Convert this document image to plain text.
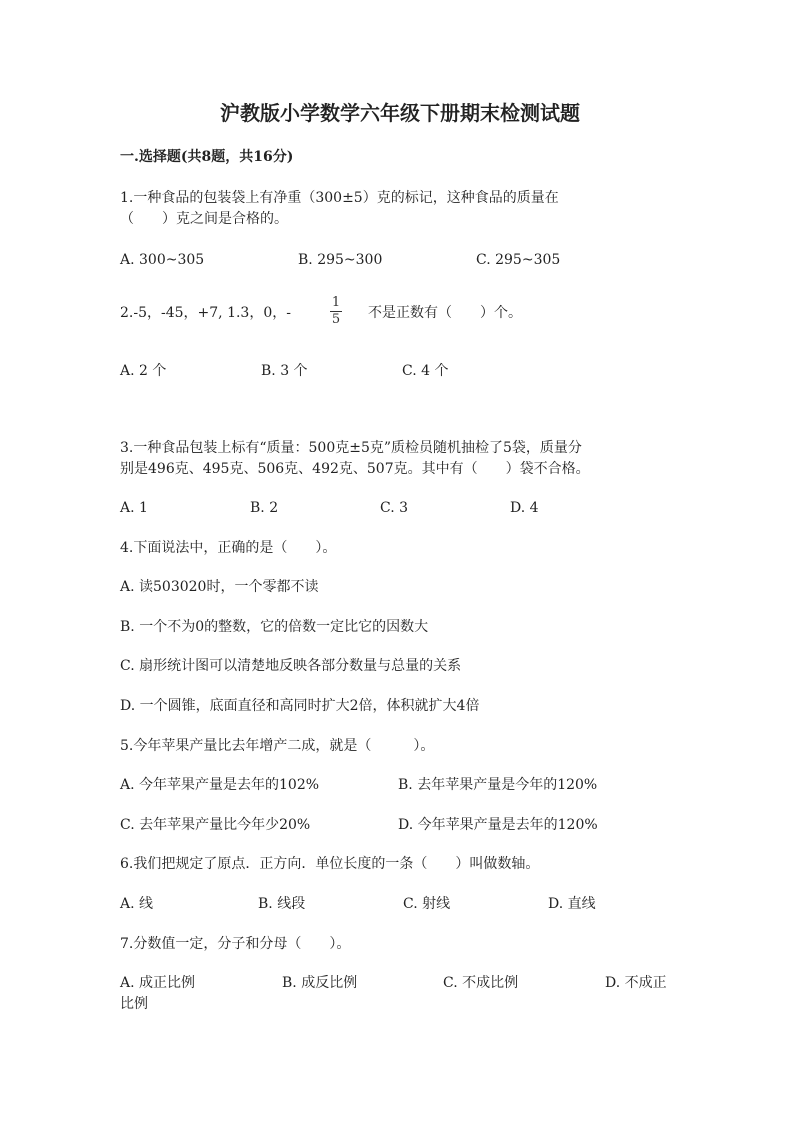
沪教版小学数学六年级下册期末检测试题
一.选择题(共8题，共16分)
1.一种食品的包装袋上有净重（300±5）克的标记，这种食品的质量在
（　　）克之间是合格的。
A. 300~305	B. 295~300	C. 295~305
2.-5，-45，+7, 1.3，0，-
1
5 不是正数有（　　）个。
A. 2 个	B. 3 个	C. 4 个
3.一种食品包装上标有“质量：500克±5克”质检员随机抽检了5袋，质量分
别是496克、495克、506克、492克、507克。其中有（　　）袋不合格。
A. 1	B. 2	C. 3	D. 4
4.下面说法中，正确的是（　　）。
A. 读503020时，一个零都不读
B. 一个不为0的整数，它的倍数一定比它的因数大
C. 扇形统计图可以清楚地反映各部分数量与总量的关系
D. 一个圆锥，底面直径和高同时扩大2倍，体积就扩大4倍
5.今年苹果产量比去年增产二成，就是（　　　）。
A. 今年苹果产量是去年的102%	B. 去年苹果产量是今年的120%
C. 去年苹果产量比今年少20%	D. 今年苹果产量是去年的120%
6.我们把规定了原点．正方向．单位长度的一条（　　）叫做数轴。
A. 线	B. 线段	C. 射线	D. 直线
7.分数值一定，分子和分母（　　）。
A. 成正比例	B. 成反比例	C. 不成比例	D. 不成正
比例
